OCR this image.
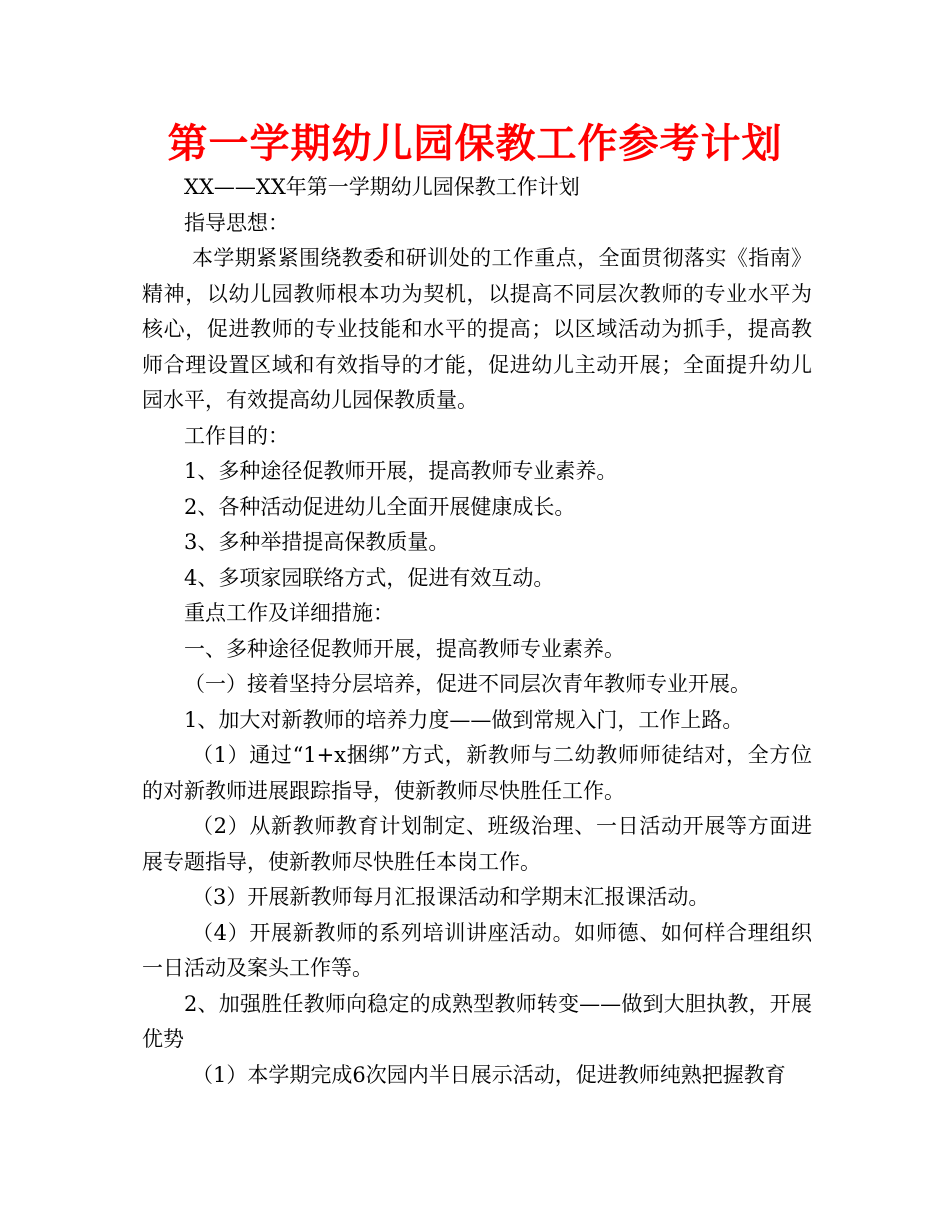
第一学期幼儿园保教工作参考计划

XX——XX年第一学期幼儿园保教工作计划

指导思想：

本学期紧紧围绕教委和研训处的工作重点，全面贯彻落实《指南》精神，以幼儿园教师根本功为契机，以提高不同层次教师的专业水平为核心，促进教师的专业技能和水平的提高；以区域活动为抓手，提高教师合理设置区域和有效指导的才能，促进幼儿主动开展；全面提升幼儿园水平，有效提高幼儿园保教质量。

工作目的：

1、多种途径促教师开展，提高教师专业素养。

2、各种活动促进幼儿全面开展健康成长。

3、多种举措提高保教质量。

4、多项家园联络方式，促进有效互动。

重点工作及详细措施：

一、多种途径促教师开展，提高教师专业素养。

（一）接着坚持分层培养，促进不同层次青年教师专业开展。

1、加大对新教师的培养力度——做到常规入门，工作上路。

（1）通过“1+x捆绑”方式，新教师与二幼教师师徒结对，全方位的对新教师进展跟踪指导，使新教师尽快胜任工作。

（2）从新教师教育计划制定、班级治理、一日活动开展等方面进展专题指导，使新教师尽快胜任本岗工作。

（3）开展新教师每月汇报课活动和学期末汇报课活动。

（4）开展新教师的系列培训讲座活动。如师德、如何样合理组织一日活动及案头工作等。

2、加强胜任教师向稳定的成熟型教师转变——做到大胆执教，开展优势

（1）本学期完成6次园内半日展示活动，促进教师纯熟把握教育
